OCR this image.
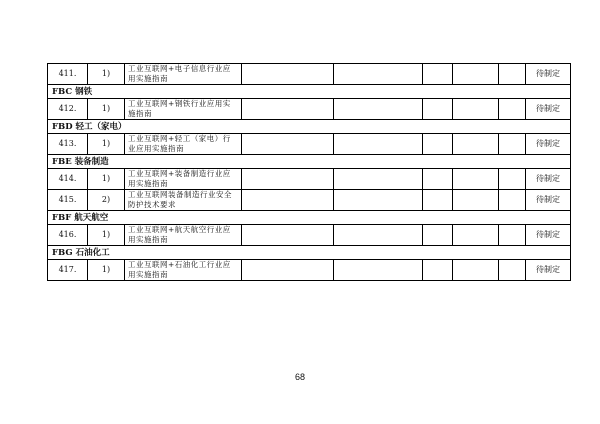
411.	1)	工业互联网+电子信息行业应用实施指南						待制定
FBC 钢铁								
412.	1)	工业互联网+钢铁行业应用实施指南						待制定
FBD 轻工（家电）								
413.	1)	工业互联网+轻工（家电）行业应用实施指南						待制定
FBE 装备制造								
414.	1)	工业互联网+装备制造行业应用实施指南						待制定
415.	2)	工业互联网装备制造行业安全防护技术要求						待制定
FBF 航天航空								
416.	1)	工业互联网+航天航空行业应用实施指南						待制定
FBG 石油化工								
417.	1)	工业互联网+石油化工行业应用实施指南						待制定
68
